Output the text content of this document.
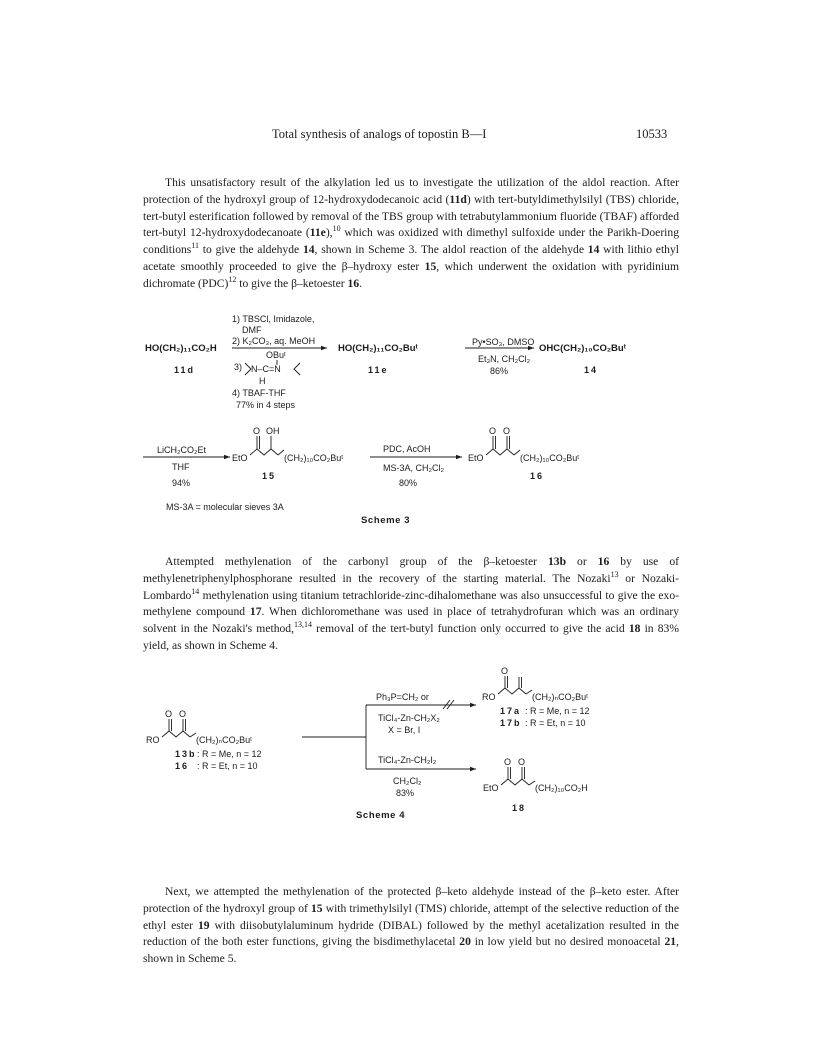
Total synthesis of analogs of topostin B—I	10533

This unsatisfactory result of the alkylation led us to investigate the utilization of the aldol reaction. After protection of the hydroxyl group of 12-hydroxydodecanoic acid (11d) with tert-butyldimethylsilyl (TBS) chloride, tert-butyl esterification followed by removal of the TBS group with tetrabutylammonium fluoride (TBAF) afforded tert-butyl 12-hydroxydodecanoate (11e),$^{10}$ which was oxidized with dimethyl sulfoxide under the Parikh-Doering conditions$^{11}$ to give the aldehyde 14, shown in Scheme 3. The aldol reaction of the aldehyde 14 with lithio ethyl acetate smoothly proceeded to give the β–hydroxy ester 15, which underwent the oxidation with pyridinium dichromate (PDC)$^{12}$ to give the β–ketoester 16.

1) TBSCl, Imidazole,
DMF
2) K₂CO₃, aq. MeOH
OBuᵗ
3) N–C=N
H
4) TBAF-THF
77% in 4 steps
HO(CH₂)₁₁CO₂H
11d
HO(CH₂)₁₁CO₂Buᵗ
11e
Py•SO₃, DMSO
Et₃N, CH₂Cl₂
86%
OHC(CH₂)₁₀CO₂Buᵗ
14
LiCH₂CO₂Et
THF
94%
EtO
O OH
(CH₂)₁₀CO₂Buᵗ
15
PDC, AcOH
MS-3A, CH₂Cl₂
80%
EtO
O O
(CH₂)₁₀CO₂Buᵗ
16
MS-3A = molecular sieves 3A
Scheme 3
RO
O O
(CH₂)ₙCO₂Buᵗ
13b : R = Me, n = 12
16 : R = Et, n = 10
Ph₃P=CH₂ or
TiCl₄-Zn-CH₂X₂
X = Br, I
TiCl₄-Zn-CH₂I₂
CH₂Cl₂
83%
RO
O
(CH₂)ₙCO₂Buᵗ
17a : R = Me, n = 12
17b : R = Et, n = 10
EtO
O O
(CH₂)₁₀CO₂H
18
Scheme 4

Attempted methylenation of the carbonyl group of the β–ketoester 13b or 16 by use of methylenetriphenylphosphorane resulted in the recovery of the starting material. The Nozaki$^{13}$ or Nozaki-Lombardo$^{14}$ methylenation using titanium tetrachloride-zinc-dihalomethane was also unsuccessful to give the exo-methylene compound 17. When dichloromethane was used in place of tetrahydrofuran which was an ordinary solvent in the Nozaki's method,$^{13,14}$ removal of the tert-butyl function only occurred to give the acid 18 in 83% yield, as shown in Scheme 4.

Next, we attempted the methylenation of the protected β–keto aldehyde instead of the β–keto ester. After protection of the hydroxyl group of 15 with trimethylsilyl (TMS) chloride, attempt of the selective reduction of the ethyl ester 19 with diisobutylaluminum hydride (DIBAL) followed by the methyl acetalization resulted in the reduction of the both ester functions, giving the bisdimethylacetal 20 in low yield but no desired monoacetal 21, shown in Scheme 5.
